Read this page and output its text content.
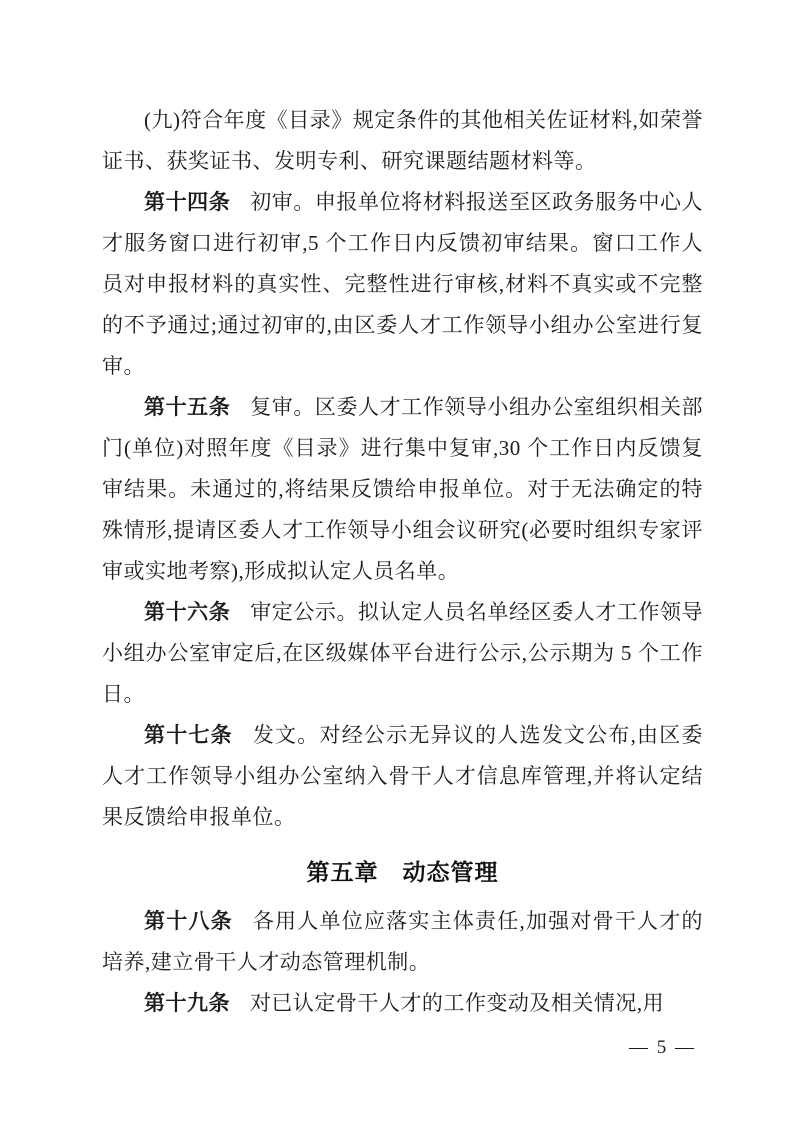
(九)符合年度《目录》规定条件的其他相关佐证材料,如荣誉证书、获奖证书、发明专利、研究课题结题材料等。

第十四条 初审。申报单位将材料报送至区政务服务中心人才服务窗口进行初审,5 个工作日内反馈初审结果。窗口工作人员对申报材料的真实性、完整性进行审核,材料不真实或不完整的不予通过;通过初审的,由区委人才工作领导小组办公室进行复审。

第十五条 复审。区委人才工作领导小组办公室组织相关部门(单位)对照年度《目录》进行集中复审,30 个工作日内反馈复审结果。未通过的,将结果反馈给申报单位。对于无法确定的特殊情形,提请区委人才工作领导小组会议研究(必要时组织专家评审或实地考察),形成拟认定人员名单。

第十六条 审定公示。拟认定人员名单经区委人才工作领导小组办公室审定后,在区级媒体平台进行公示,公示期为 5 个工作日。

第十七条 发文。对经公示无异议的人选发文公布,由区委人才工作领导小组办公室纳入骨干人才信息库管理,并将认定结果反馈给申报单位。

第五章　动态管理

第十八条 各用人单位应落实主体责任,加强对骨干人才的培养,建立骨干人才动态管理机制。

第十九条 对已认定骨干人才的工作变动及相关情况,用

— 5 —
